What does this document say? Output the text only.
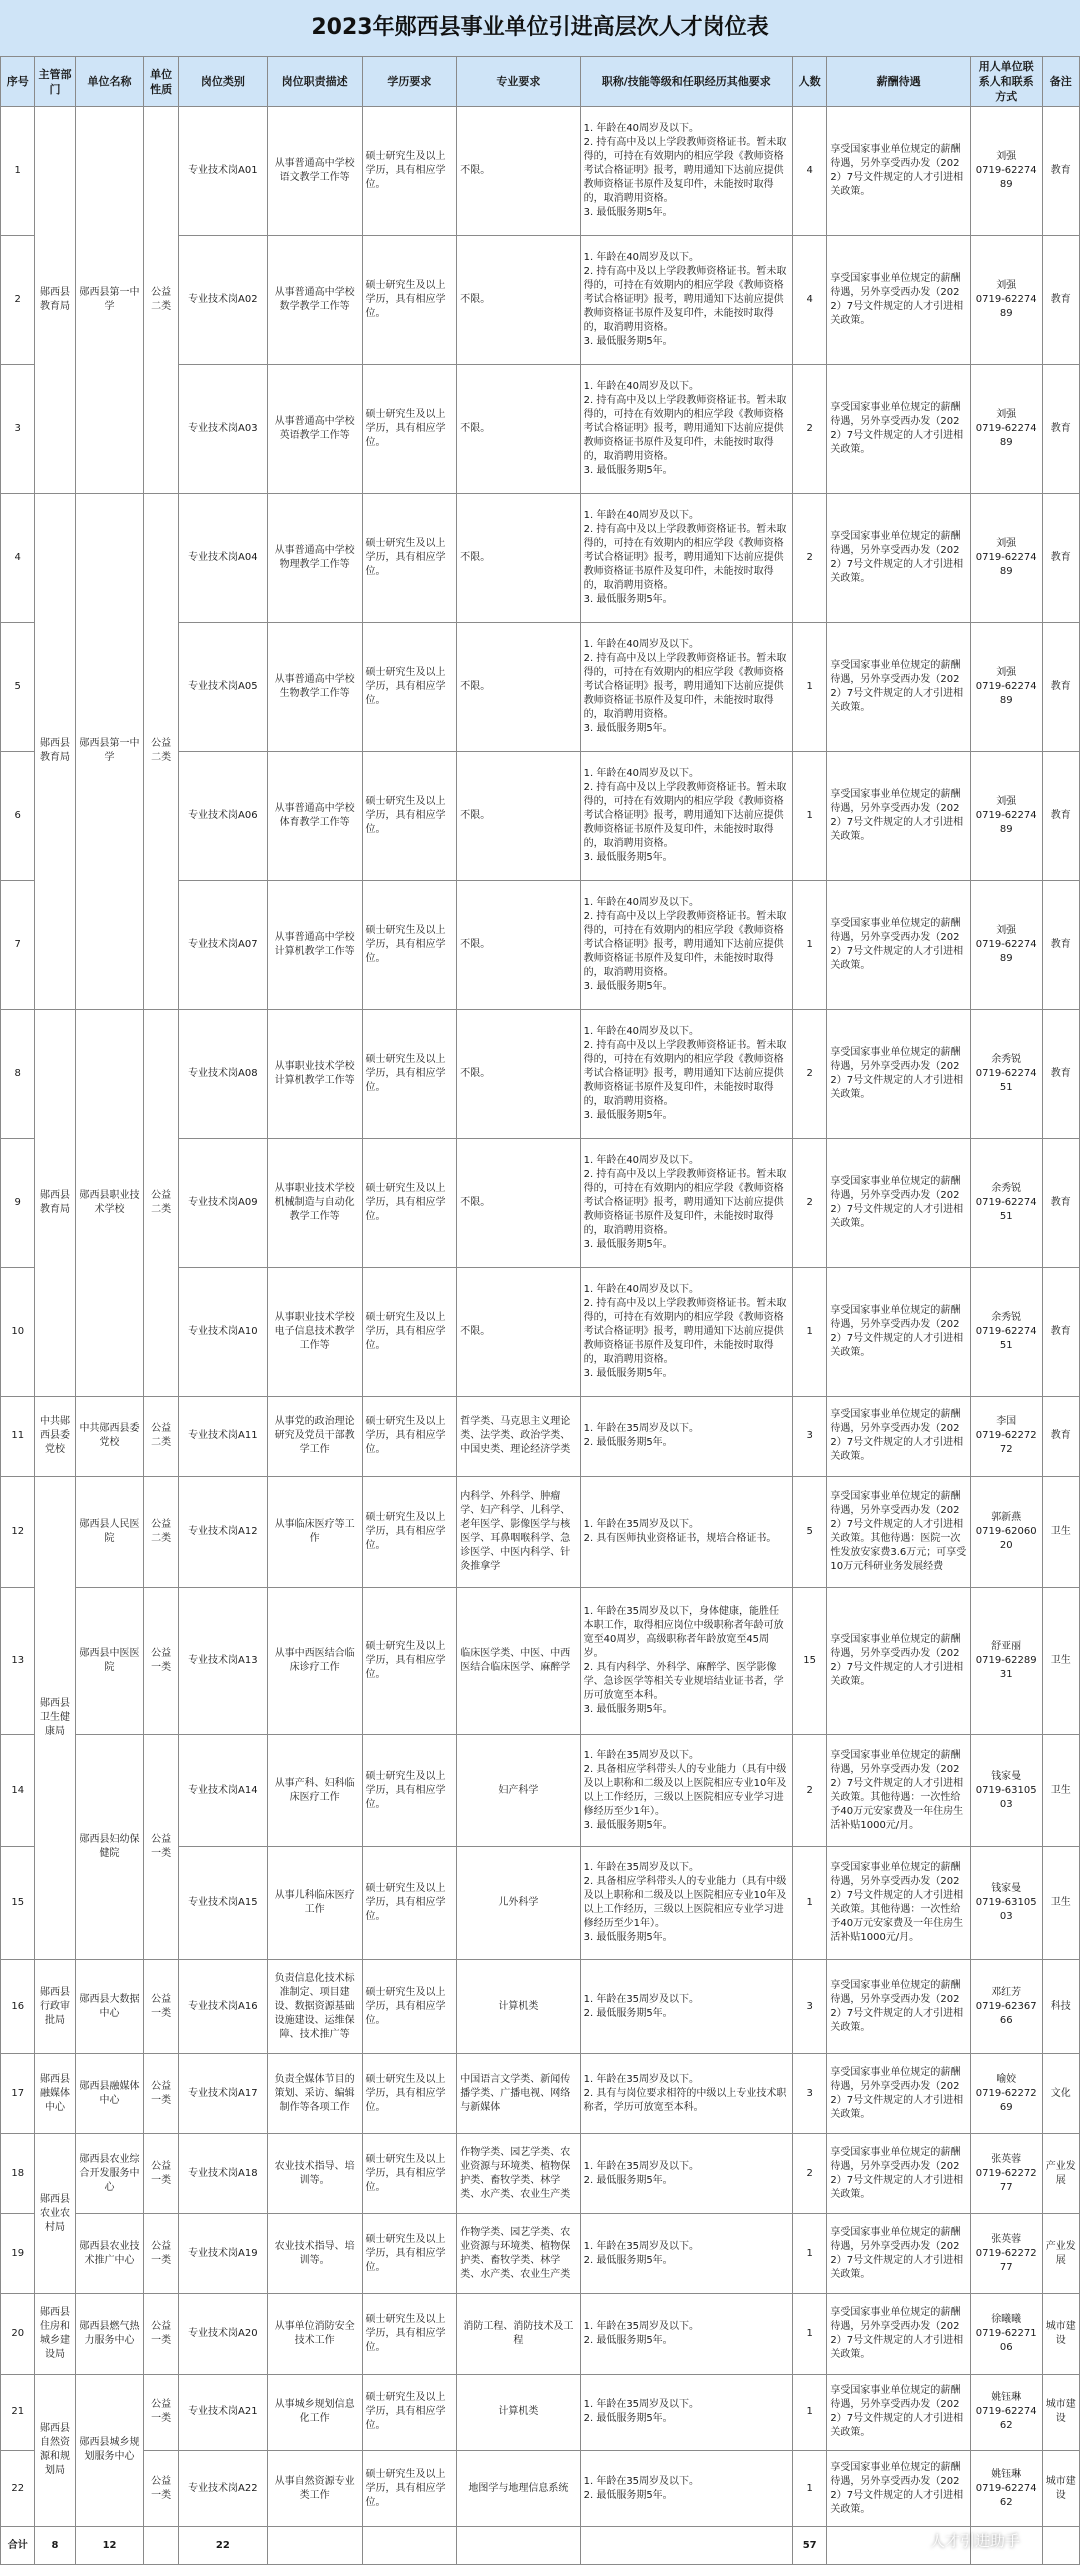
2023年郧西县事业单位引进高层次人才岗位表
序号	主管部门	单位名称	单位性质	岗位类别	岗位职责描述	学历要求	专业要求	职称/技能等级和任职经历其他要求	人数	薪酬待遇	用人单位联系人和联系方式	备注
1	郧西县教育局	郧西县第一中学	公益二类	专业技术岗A01	从事普通高中学校语文教学工作等	硕士研究生及以上学历，具有相应学位。	不限。	1. 年龄在40周岁及以下。
2. 持有高中及以上学段教师资格证书。暂未取得的，可持在有效期内的相应学段《教师资格考试合格证明》报考，聘用通知下达前应提供教师资格证书原件及复印件，未能按时取得的，取消聘用资格。
3. 最低服务期5年。	4	享受国家事业单位规定的薪酬待遇，另外享受西办发（2022）7号文件规定的人才引进相关政策。	刘强
0719-6227489	教育
2				专业技术岗A02	从事普通高中学校数学教学工作等	硕士研究生及以上学历，具有相应学位。	不限。	1. 年龄在40周岁及以下。
2. 持有高中及以上学段教师资格证书。暂未取得的，可持在有效期内的相应学段《教师资格考试合格证明》报考，聘用通知下达前应提供教师资格证书原件及复印件，未能按时取得的，取消聘用资格。
3. 最低服务期5年。	4	享受国家事业单位规定的薪酬待遇，另外享受西办发（2022）7号文件规定的人才引进相关政策。	刘强
0719-6227489	教育
3				专业技术岗A03	从事普通高中学校英语教学工作等	硕士研究生及以上学历，具有相应学位。	不限。	1. 年龄在40周岁及以下。
2. 持有高中及以上学段教师资格证书。暂未取得的，可持在有效期内的相应学段《教师资格考试合格证明》报考，聘用通知下达前应提供教师资格证书原件及复印件，未能按时取得的，取消聘用资格。
3. 最低服务期5年。	2	享受国家事业单位规定的薪酬待遇，另外享受西办发（2022）7号文件规定的人才引进相关政策。	刘强
0719-6227489	教育
4	郧西县教育局	郧西县第一中学	公益二类	专业技术岗A04	从事普通高中学校物理教学工作等	硕士研究生及以上学历，具有相应学位。	不限。	1. 年龄在40周岁及以下。
2. 持有高中及以上学段教师资格证书。暂未取得的，可持在有效期内的相应学段《教师资格考试合格证明》报考，聘用通知下达前应提供教师资格证书原件及复印件，未能按时取得的，取消聘用资格。
3. 最低服务期5年。	2	享受国家事业单位规定的薪酬待遇，另外享受西办发（2022）7号文件规定的人才引进相关政策。	刘强
0719-6227489	教育
5				专业技术岗A05	从事普通高中学校生物教学工作等	硕士研究生及以上学历，具有相应学位。	不限。	1. 年龄在40周岁及以下。
2. 持有高中及以上学段教师资格证书。暂未取得的，可持在有效期内的相应学段《教师资格考试合格证明》报考，聘用通知下达前应提供教师资格证书原件及复印件，未能按时取得的，取消聘用资格。
3. 最低服务期5年。	1	享受国家事业单位规定的薪酬待遇，另外享受西办发（2022）7号文件规定的人才引进相关政策。	刘强
0719-6227489	教育
6				专业技术岗A06	从事普通高中学校体育教学工作等	硕士研究生及以上学历，具有相应学位。	不限。	1. 年龄在40周岁及以下。
2. 持有高中及以上学段教师资格证书。暂未取得的，可持在有效期内的相应学段《教师资格考试合格证明》报考，聘用通知下达前应提供教师资格证书原件及复印件，未能按时取得的，取消聘用资格。
3. 最低服务期5年。	1	享受国家事业单位规定的薪酬待遇，另外享受西办发（2022）7号文件规定的人才引进相关政策。	刘强
0719-6227489	教育
7				专业技术岗A07	从事普通高中学校计算机教学工作等	硕士研究生及以上学历，具有相应学位。	不限。	1. 年龄在40周岁及以下。
2. 持有高中及以上学段教师资格证书。暂未取得的，可持在有效期内的相应学段《教师资格考试合格证明》报考，聘用通知下达前应提供教师资格证书原件及复印件，未能按时取得的，取消聘用资格。
3. 最低服务期5年。	1	享受国家事业单位规定的薪酬待遇，另外享受西办发（2022）7号文件规定的人才引进相关政策。	刘强
0719-6227489	教育
8	郧西县教育局	郧西县职业技术学校	公益二类	专业技术岗A08	从事职业技术学校计算机教学工作等	硕士研究生及以上学历，具有相应学位。	不限。	1. 年龄在40周岁及以下。
2. 持有高中及以上学段教师资格证书。暂未取得的，可持在有效期内的相应学段《教师资格考试合格证明》报考，聘用通知下达前应提供教师资格证书原件及复印件，未能按时取得的，取消聘用资格。
3. 最低服务期5年。	2	享受国家事业单位规定的薪酬待遇，另外享受西办发（2022）7号文件规定的人才引进相关政策。	余秀锐
0719-6227451	教育
9				专业技术岗A09	从事职业技术学校机械制造与自动化教学工作等	硕士研究生及以上学历，具有相应学位。	不限。	1. 年龄在40周岁及以下。
2. 持有高中及以上学段教师资格证书。暂未取得的，可持在有效期内的相应学段《教师资格考试合格证明》报考，聘用通知下达前应提供教师资格证书原件及复印件，未能按时取得的，取消聘用资格。
3. 最低服务期5年。	2	享受国家事业单位规定的薪酬待遇，另外享受西办发（2022）7号文件规定的人才引进相关政策。	余秀锐
0719-6227451	教育
10				专业技术岗A10	从事职业技术学校电子信息技术教学工作等	硕士研究生及以上学历，具有相应学位。	不限。	1. 年龄在40周岁及以下。
2. 持有高中及以上学段教师资格证书。暂未取得的，可持在有效期内的相应学段《教师资格考试合格证明》报考，聘用通知下达前应提供教师资格证书原件及复印件，未能按时取得的，取消聘用资格。
3. 最低服务期5年。	1	享受国家事业单位规定的薪酬待遇，另外享受西办发（2022）7号文件规定的人才引进相关政策。	余秀锐
0719-6227451	教育
11	中共郧西县委党校	中共郧西县委党校	公益二类	专业技术岗A11	从事党的政治理论研究及党员干部教学工作	硕士研究生及以上学历，具有相应学位。	哲学类、马克思主义理论类、法学类、政治学类、中国史类、理论经济学类	1. 年龄在35周岁及以下。
2. 最低服务期5年。	3	享受国家事业单位规定的薪酬待遇，另外享受西办发（2022）7号文件规定的人才引进相关政策。	李国
0719-6227272	教育
12	郧西县卫生健康局	郧西县人民医院	公益二类	专业技术岗A12	从事临床医疗等工作	硕士研究生及以上学历，具有相应学位。	内科学、外科学、肿瘤学、妇产科学、儿科学、老年医学、影像医学与核医学、耳鼻咽喉科学、急诊医学、中医内科学、针灸推拿学	1. 年龄在35周岁及以下。
2. 具有医师执业资格证书，规培合格证书。	5	享受国家事业单位规定的薪酬待遇，另外享受西办发（2022）7号文件规定的人才引进相关政策。其他待遇：医院一次性发放安家费3.6万元；可享受10万元科研业务发展经费	郭新燕
0719-6206020	卫生
13		郧西县中医医院	公益一类	专业技术岗A13	从事中西医结合临床诊疗工作	硕士研究生及以上学历，具有相应学位。	临床医学类、中医、中西医结合临床医学、麻醉学	1. 年龄在35周岁及以下，身体健康，能胜任本职工作，取得相应岗位中级职称者年龄可放宽至40周岁，高级职称者年龄放宽至45周岁。
2. 具有内科学、外科学、麻醉学、医学影像学、急诊医学等相关专业规培结业证书者，学历可放宽至本科。
3. 最低服务期5年。	15	享受国家事业单位规定的薪酬待遇，另外享受西办发（2022）7号文件规定的人才引进相关政策。	舒亚丽
0719-6228931	卫生
14		郧西县妇幼保健院	公益一类	专业技术岗A14	从事产科、妇科临床医疗工作	硕士研究生及以上学历，具有相应学位。	妇产科学	1. 年龄在35周岁及以下。
2. 具备相应学科带头人的专业能力（具有中级及以上职称和二级及以上医院相应专业10年及以上工作经历，三级以上医院相应专业学习进修经历至少1年）。
3. 最低服务期5年。	2	享受国家事业单位规定的薪酬待遇，另外享受西办发（2022）7号文件规定的人才引进相关政策。其他待遇：一次性给予40万元安家费及一年住房生活补贴1000元/月。	钱家曼
0719-6310503	卫生
15				专业技术岗A15	从事儿科临床医疗工作	硕士研究生及以上学历，具有相应学位。	儿外科学	1. 年龄在35周岁及以下。
2. 具备相应学科带头人的专业能力（具有中级及以上职称和二级及以上医院相应专业10年及以上工作经历，三级以上医院相应专业学习进修经历至少1年）。
3. 最低服务期5年。	1	享受国家事业单位规定的薪酬待遇，另外享受西办发（2022）7号文件规定的人才引进相关政策。其他待遇：一次性给予40万元安家费及一年住房生活补贴1000元/月。	钱家曼
0719-6310503	卫生
16	郧西县行政审批局	郧西县大数据中心	公益一类	专业技术岗A16	负责信息化技术标准制定、项目建设、数据资源基础设施建设、运维保障、技术推广等	硕士研究生及以上学历，具有相应学位。	计算机类	1. 年龄在35周岁及以下。
2. 最低服务期5年。	3	享受国家事业单位规定的薪酬待遇，另外享受西办发（2022）7号文件规定的人才引进相关政策。	邓红芳
0719-6236766	科技
17	郧西县融媒体中心	郧西县融媒体中心	公益一类	专业技术岗A17	负责全媒体节目的策划、采访、编辑制作等各项工作	硕士研究生及以上学历，具有相应学位。	中国语言文学类、新闻传播学类、广播电视、网络与新媒体	1. 年龄在35周岁及以下。
2. 具有与岗位要求相符的中级以上专业技术职称者，学历可放宽至本科。	3	享受国家事业单位规定的薪酬待遇，另外享受西办发（2022）7号文件规定的人才引进相关政策。	喻姣
0719-6227269	文化
18	郧西县农业农村局	郧西县农业综合开发服务中心	公益一类	专业技术岗A18	农业技术指导、培训等。	硕士研究生及以上学历，具有相应学位。	作物学类、园艺学类、农业资源与环境类、植物保护类、畜牧学类、林学类、水产类、农业生产类	1. 年龄在35周岁及以下。
2. 最低服务期5年。	2	享受国家事业单位规定的薪酬待遇，另外享受西办发（2022）7号文件规定的人才引进相关政策。	张英蓉
0719-6227277	产业发展
19		郧西县农业技术推广中心	公益一类	专业技术岗A19	农业技术指导、培训等。	硕士研究生及以上学历，具有相应学位。	作物学类、园艺学类、农业资源与环境类、植物保护类、畜牧学类、林学类、水产类、农业生产类	1. 年龄在35周岁及以下。
2. 最低服务期5年。	1	享受国家事业单位规定的薪酬待遇，另外享受西办发（2022）7号文件规定的人才引进相关政策。	张英蓉
0719-6227277	产业发展
20	郧西县住房和城乡建设局	郧西县燃气热力服务中心	公益一类	专业技术岗A20	从事单位消防安全技术工作	硕士研究生及以上学历，具有相应学位。	消防工程、消防技术及工程	1. 年龄在35周岁及以下。
2. 最低服务期5年。	1	享受国家事业单位规定的薪酬待遇，另外享受西办发（2022）7号文件规定的人才引进相关政策。	徐曦曦
0719-6227106	城市建设
21	郧西县自然资源和规划局	郧西县城乡规划服务中心	公益一类	专业技术岗A21	从事城乡规划信息化工作	硕士研究生及以上学历，具有相应学位。	计算机类	1. 年龄在35周岁及以下。
2. 最低服务期5年。	1	享受国家事业单位规定的薪酬待遇，另外享受西办发（2022）7号文件规定的人才引进相关政策。	姚钰琳
0719-6227462	城市建设
22			公益一类	专业技术岗A22	从事自然资源专业类工作	硕士研究生及以上学历，具有相应学位。	地图学与地理信息系统	1. 年龄在35周岁及以下。
2. 最低服务期5年。	1	享受国家事业单位规定的薪酬待遇，另外享受西办发（2022）7号文件规定的人才引进相关政策。	姚钰琳
0719-6227462	城市建设
合计	8	12		22					57				人才引进助手
